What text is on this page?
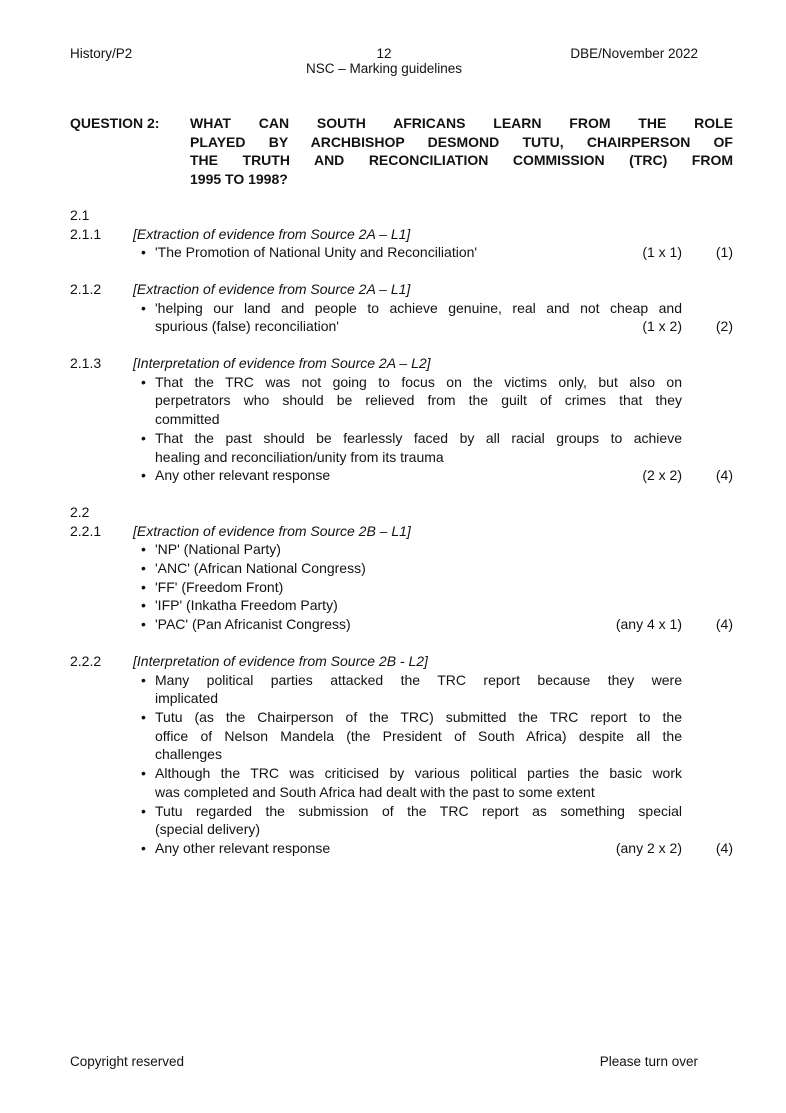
History/P2	12
NSC – Marking guidelines
DBE/November 2022
QUESTION 2:	WHAT CAN SOUTH AFRICANS LEARN FROM THE ROLE
PLAYED BY ARCHBISHOP DESMOND TUTU, CHAIRPERSON OF
THE TRUTH AND RECONCILIATION COMMISSION (TRC) FROM
1995 TO 1998?
2.1
2.1.1	[Extraction of evidence from Source 2A – L1]
• 'The Promotion of National Unity and Reconciliation'	(1 x 1)	(1)
2.1.2	[Extraction of evidence from Source 2A – L1]
• 'helping our land and people to achieve genuine, real and not cheap and
spurious (false) reconciliation'	(1 x 2)	(2)
2.1.3	[Interpretation of evidence from Source 2A – L2]
• That the TRC was not going to focus on the victims only, but also on
perpetrators who should be relieved from the guilt of crimes that they
committed
• That the past should be fearlessly faced by all racial groups to achieve
healing and reconciliation/unity from its trauma
• Any other relevant response	(2 x 2)	(4)
2.2
2.2.1	[Extraction of evidence from Source 2B – L1]
• 'NP' (National Party)
• 'ANC' (African National Congress)
• 'FF' (Freedom Front)
• 'IFP' (Inkatha Freedom Party)
• 'PAC' (Pan Africanist Congress)	(any 4 x 1)	(4)
2.2.2	[Interpretation of evidence from Source 2B - L2]
• Many political parties attacked the TRC report because they were
implicated
• Tutu (as the Chairperson of the TRC) submitted the TRC report to the
office of Nelson Mandela (the President of South Africa) despite all the
challenges
• Although the TRC was criticised by various political parties the basic work
was completed and South Africa had dealt with the past to some extent
• Tutu regarded the submission of the TRC report as something special
(special delivery)
• Any other relevant response	(any 2 x 2)	(4)
Copyright reserved	Please turn over
